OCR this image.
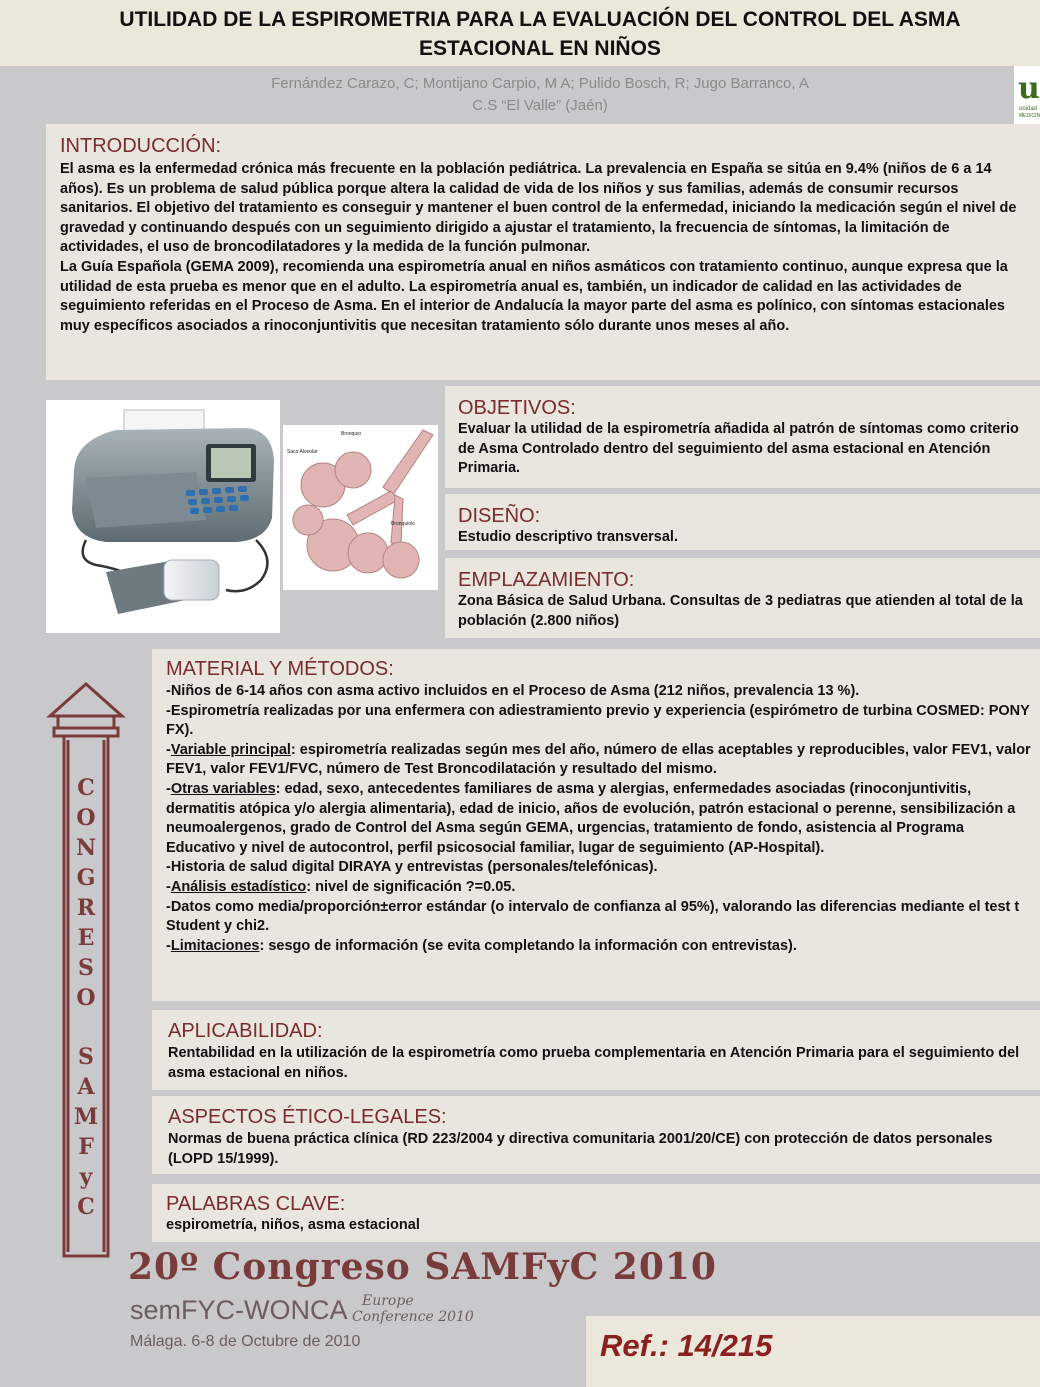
UTILIDAD DE LA ESPIROMETRIA PARA LA EVALUACIÓN DEL CONTROL DEL ASMA
ESTACIONAL EN NIÑOS
Fernández Carazo, C; Montijano Carpio, M A; Pulido Bosch, R; Jugo Barranco, A
C.S “El Valle” (Jaén)	u
unidad
MEDICIN
INTRODUCCIÓN:

El asma es la enfermedad crónica más frecuente en la población pediátrica. La prevalencia en España se sitúa en 9.4% (niños de 6 a 14 años). Es un problema de salud pública porque altera la calidad de vida de los niños y sus familias, además de consumir recursos sanitarios. El objetivo del tratamiento es conseguir y mantener el buen control de la enfermedad, iniciando la medicación según el nivel de gravedad y continuando después con un seguimiento dirigido a ajustar el tratamiento, la frecuencia de síntomas, la limitación de actividades, el uso de broncodilatadores y la medida de la función pulmonar.

La Guía Española (GEMA 2009), recomienda una espirometría anual en niños asmáticos con tratamiento continuo, aunque expresa que la utilidad de esta prueba es menor que en el adulto. La espirometría anual es, también, un indicador de calidad en las actividades de seguimiento referidas en el Proceso de Asma. En el interior de Andalucía la mayor parte del asma es polínico, con síntomas estacionales muy específicos asociados a rinoconjuntivitis que necesitan tratamiento sólo durante unos meses al año.

Bronquio
Saco Alveolar
Bronquiolo
OBJETIVOS:

Evaluar la utilidad de la espirometría añadida al patrón de síntomas como criterio de Asma Controlado dentro del seguimiento del asma estacional en Atención Primaria.

DISEÑO:

Estudio descriptivo transversal.

EMPLAZAMIENTO:

Zona Básica de Salud Urbana. Consultas de 3 pediatras que atienden al total de la población (2.800 niños)

C
O
N
G
R
E
S
O
S
A
M
F
y
C
MATERIAL Y MÉTODOS:

-Niños de 6-14 años con asma activo incluidos en el Proceso de Asma (212 niños, prevalencia 13 %).

-Espirometría realizadas por una enfermera con adiestramiento previo y experiencia (espirómetro de turbina COSMED: PONY FX).

-Variable principal: espirometría realizadas según mes del año, número de ellas aceptables y reproducibles, valor FEV1, valor FEV1, valor FEV1/FVC, número de Test Broncodilatación y resultado del mismo.

-Otras variables: edad, sexo, antecedentes familiares de asma y alergias, enfermedades asociadas (rinoconjuntivitis, dermatitis atópica y/o alergia alimentaria), edad de inicio, años de evolución, patrón estacional o perenne, sensibilización a neumoalergenos, grado de Control del Asma según GEMA, urgencias, tratamiento de fondo, asistencia al Programa Educativo y nivel de autocontrol, perfil psicosocial familiar, lugar de seguimiento (AP-Hospital).

-Historia de salud digital DIRAYA y entrevistas (personales/telefónicas).

-Análisis estadístico: nivel de significación ?=0.05.

-Datos como media/proporción±error estándar (o intervalo de confianza al 95%), valorando las diferencias mediante el test t Student y chi2.

-Limitaciones: sesgo de información (se evita completando la información con entrevistas).

APLICABILIDAD:

Rentabilidad en la utilización de la espirometría como prueba complementaria en Atención Primaria para el seguimiento del asma estacional en niños.

ASPECTOS ÉTICO-LEGALES:

Normas de buena práctica clínica (RD 223/2004 y directiva comunitaria 2001/20/CE) con protección de datos personales (LOPD 15/1999).

PALABRAS CLAVE:

espirometría, niños, asma estacional

20º Congreso SAMFyC 2010
semFYC-WONCA Europe
Conference 2010
Málaga. 6-8 de Octubre de 2010	Ref.: 14/215
